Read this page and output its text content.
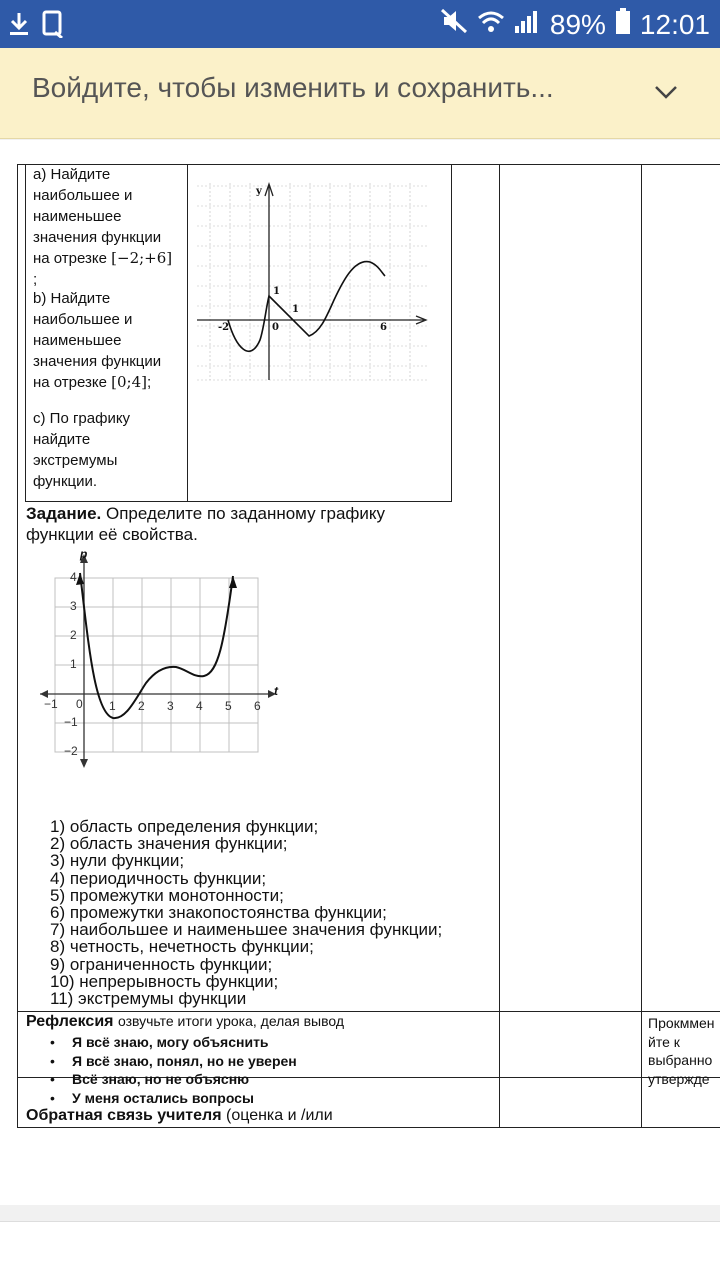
89% 12:01
Войдите, чтобы изменить и сохранить...
а) Найдите
наибольшее и
наименьшее
значения функции
на отрезке [−2;+6]
;
b) Найдите
наибольшее и
наименьшее
значения функции
на отрезке [0;4];
с) По графику
найдите
экстремумы
функции.
y
-2	0
1
1
6
Задание. Определите по заданному графику
функции её свойства.
p
t
4
3
2
1
−1
−2
−1 0 1 2 3 4 5 6
1) область определения функции;
2) область значения функции;
3) нули функции;
4) периодичность функции;
5) промежутки монотонности;
6) промежутки знакопостоянства функции;
7) наибольшее и наименьшее значения функции;
8) четность, нечетность функции;
9) ограниченность функции;
10) непрерывность функции;
11) экстремумы функции
Рефлексия озвучьте итоги урока, делая вывод
• Я всё знаю, могу объяснить
• Я всё знаю, понял, но не уверен
• Всё знаю, но не объясню
• У меня остались вопросы
Прокммен
йте к
выбранно
утвержде
Обратная связь учителя (оценка и /или
